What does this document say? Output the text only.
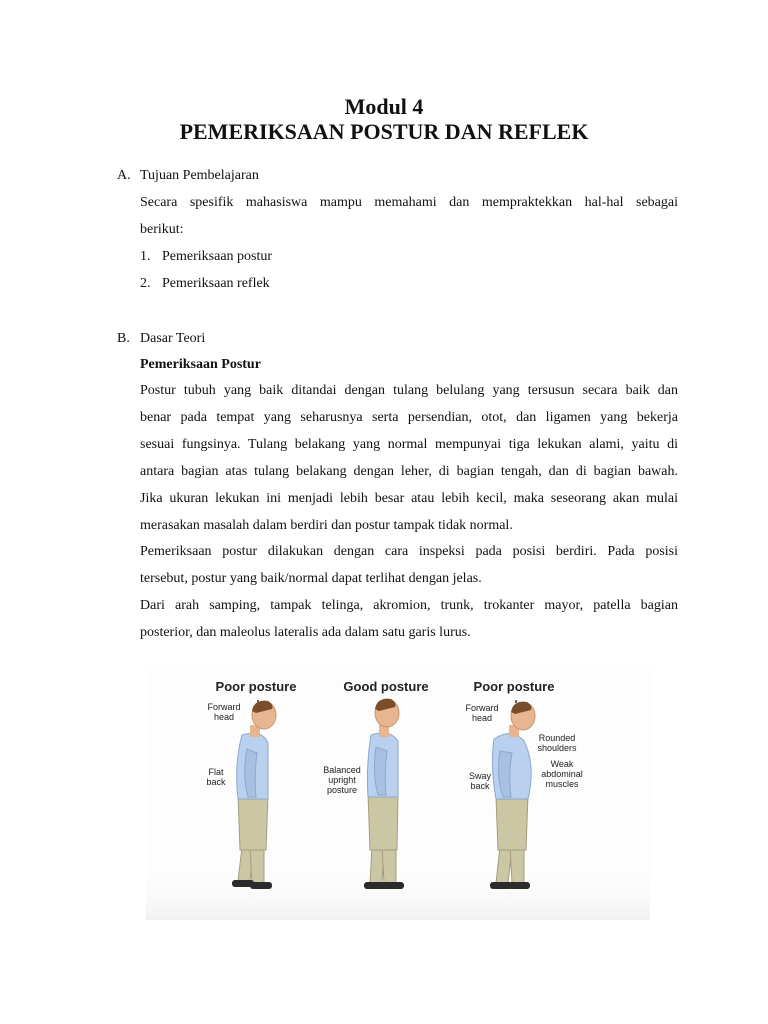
Modul 4
PEMERIKSAAN POSTUR DAN REFLEK
A. Tujuan Pembelajaran
Secara spesifik mahasiswa mampu memahami dan mempraktekkan hal-hal sebagai
berikut:
1. Pemeriksaan postur
2. Pemeriksaan reflek
B. Dasar Teori
Pemeriksaan Postur
Postur tubuh yang baik ditandai dengan tulang belulang yang tersusun secara baik dan
benar pada tempat yang seharusnya serta persendian, otot, dan ligamen yang bekerja
sesuai fungsinya. Tulang belakang yang normal mempunyai tiga lekukan alami, yaitu di
antara bagian atas tulang belakang dengan leher, di bagian tengah, dan di bagian bawah.
Jika ukuran lekukan ini menjadi lebih besar atau lebih kecil, maka seseorang akan mulai
merasakan masalah dalam berdiri dan postur tampak tidak normal.
Pemeriksaan postur dilakukan dengan cara inspeksi pada posisi berdiri. Pada posisi
tersebut, postur yang baik/normal dapat terlihat dengan jelas.
Dari arah samping, tampak telinga, akromion, trunk, trokanter mayor, patella bagian
posterior, dan maleolus lateralis ada dalam satu garis lurus.
Poor posture	Good posture	Poor posture
Forward
head
Flat
back
Balanced
upright
posture
Forward
head
Rounded
shoulders
Weak
abdominal
muscles
Sway
back
